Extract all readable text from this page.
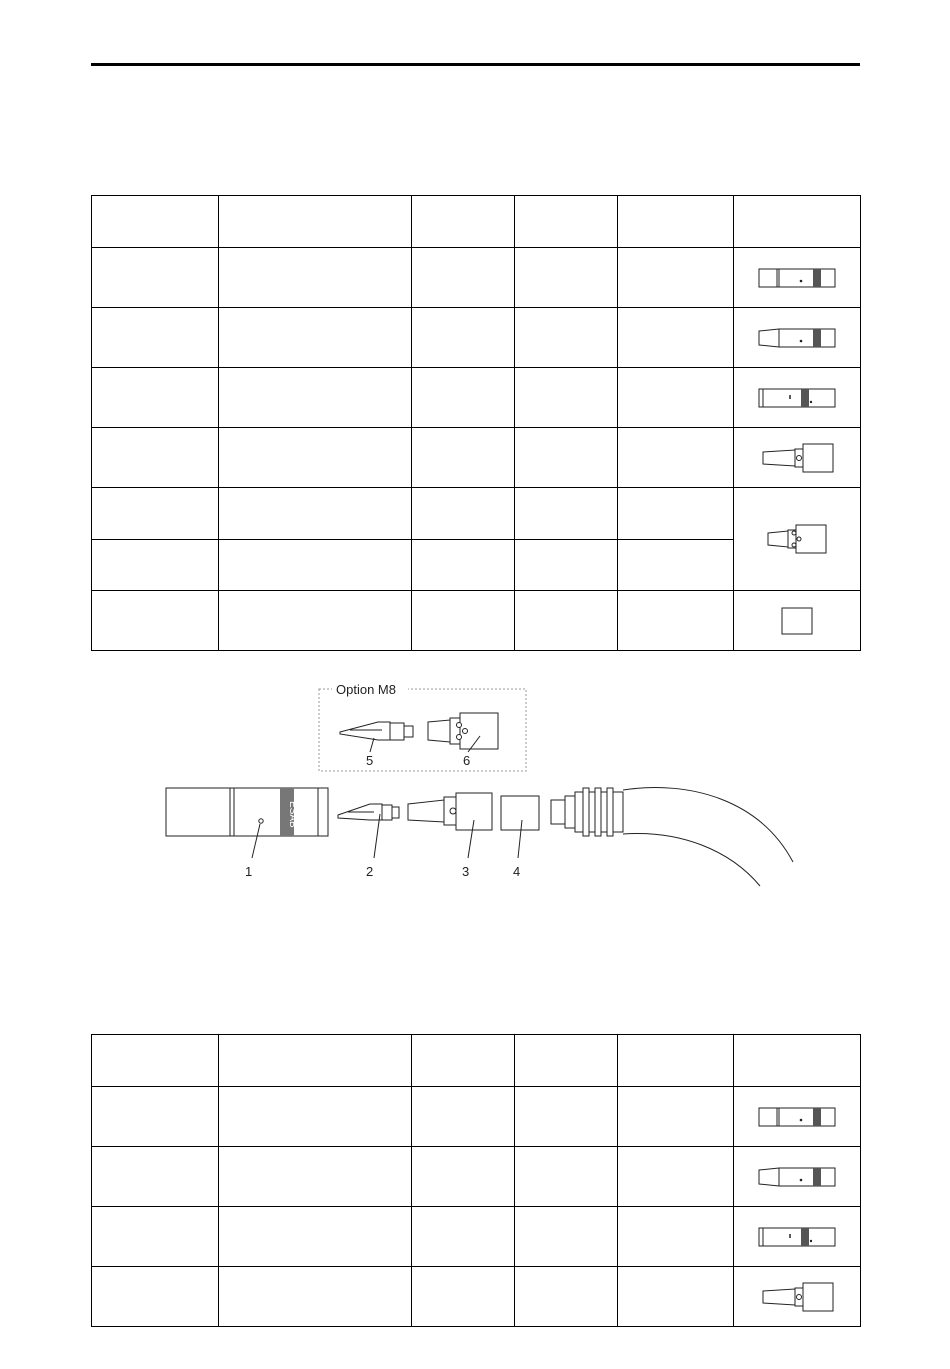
Option M8
5	6
ESAB
1	2	3	4
